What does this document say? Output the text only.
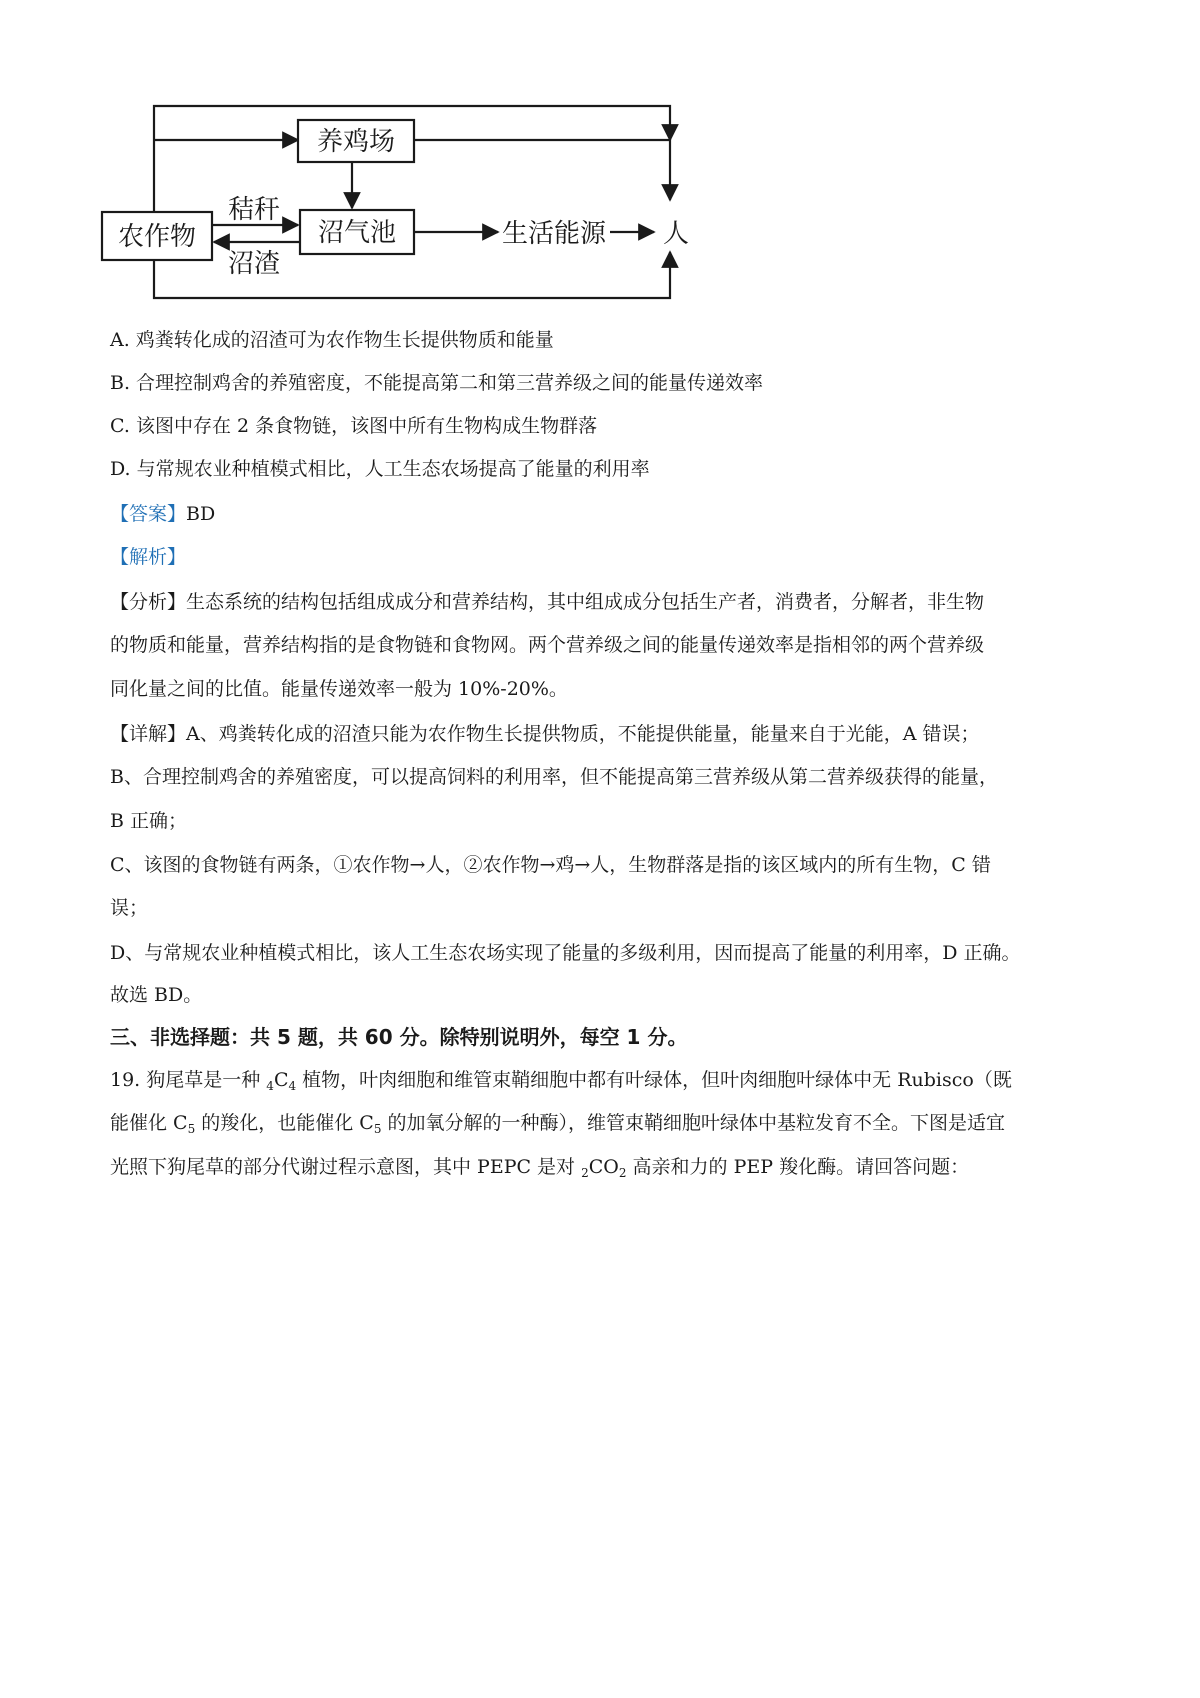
养鸡场
农作物	沼气池
秸秆
沼渣
生活能源 人
A. 鸡粪转化成的沼渣可为农作物生长提供物质和能量
B. 合理控制鸡舍的养殖密度，不能提高第二和第三营养级之间的能量传递效率
C. 该图中存在 2 条食物链，该图中所有生物构成生物群落
D. 与常规农业种植模式相比，人工生态农场提高了能量的利用率
【答案】BD
【解析】
【分析】生态系统的结构包括组成成分和营养结构，其中组成成分包括生产者，消费者，分解者，非生物
的物质和能量，营养结构指的是食物链和食物网。两个营养级之间的能量传递效率是指相邻的两个营养级
同化量之间的比值。能量传递效率一般为 10%-20%。
【详解】A、鸡粪转化成的沼渣只能为农作物生长提供物质，不能提供能量，能量来自于光能，A 错误；
B、合理控制鸡舍的养殖密度，可以提高饲料的利用率，但不能提高第三营养级从第二营养级获得的能量，
B 正确；
C、该图的食物链有两条，①农作物→人，②农作物→鸡→人，生物群落是指的该区域内的所有生物，C 错
误；
D、与常规农业种植模式相比，该人工生态农场实现了能量的多级利用，因而提高了能量的利用率，D 正确。
故选 BD。
三、非选择题：共 5 题，共 60 分。除特别说明外，每空 1 分。
19. 狗尾草是一种 $_4C_4$ 植物，叶肉细胞和维管束鞘细胞中都有叶绿体，但叶肉细胞叶绿体中无 Rubisco（既
能催化 $C_5$ 的羧化，也能催化 $C_5$ 的加氧分解的一种酶），维管束鞘细胞叶绿体中基粒发育不全。下图是适宜
光照下狗尾草的部分代谢过程示意图，其中 PEPC 是对 $_2CO_2$ 高亲和力的 PEP 羧化酶。请回答问题：
